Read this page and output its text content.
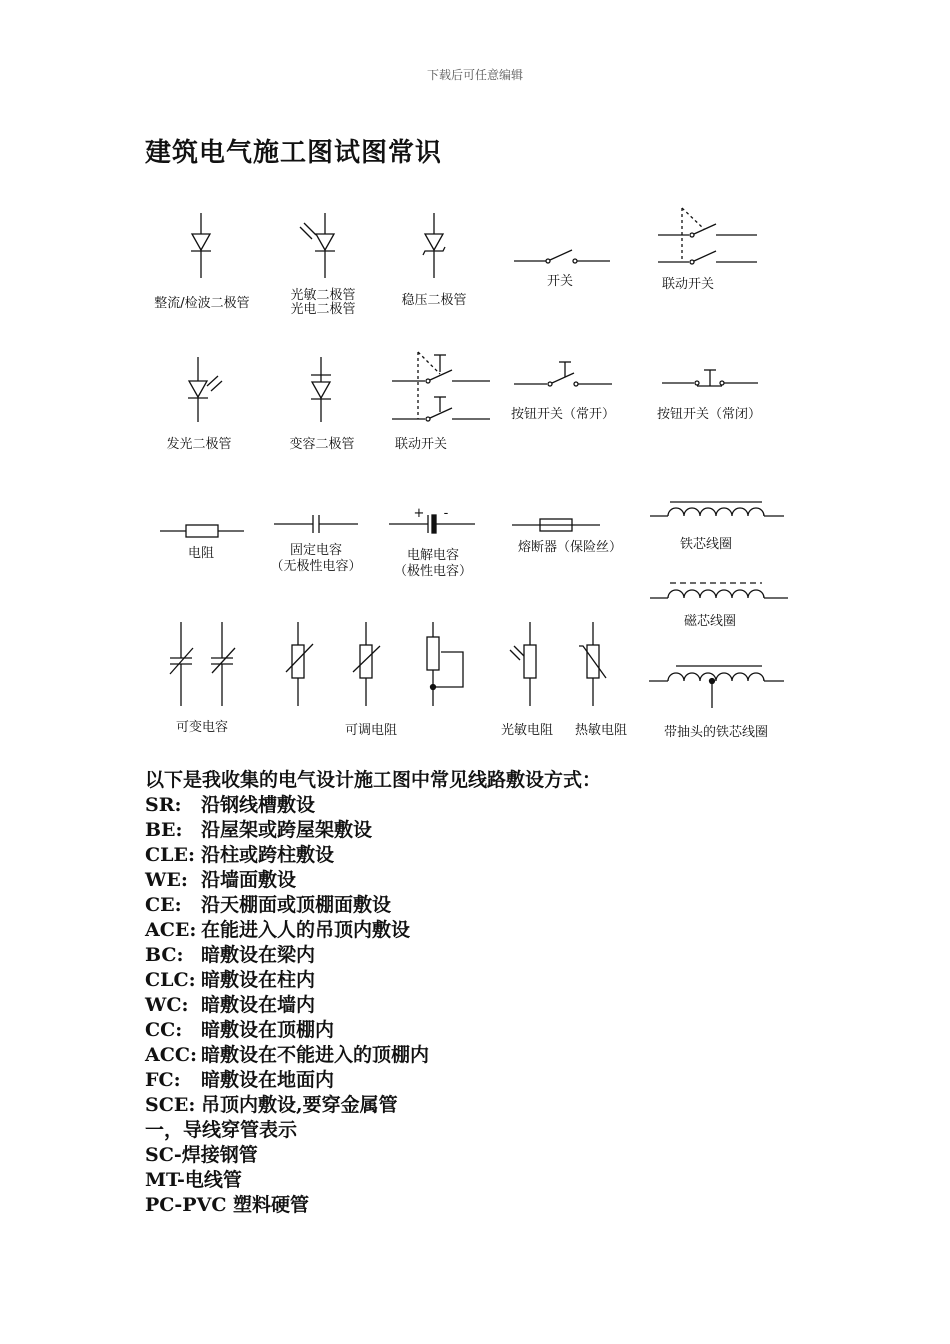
下载后可任意编辑
建筑电气施工图试图常识
整流/检波二极管
光敏二极管
光电二极管
稳压二极管
开关	联动开关
发光二极管	变容二极管	联动开关
按钮开关（常开）	按钮开关（常闭）
电阻	固定电容
（无极性电容）
+ -
电解电容
（极性电容）
熔断器（保险丝）	铁芯线圈
磁芯线圈
可变电容	可调电阻	光敏电阻 热敏电阻	带抽头的铁芯线圈
以下是我收集的电气设计施工图中常见线路敷设方式：
SR: 沿钢线槽敷设
BE: 沿屋架或跨屋架敷设
CLE: 沿柱或跨柱敷设
WE: 沿墙面敷设
CE: 沿天棚面或顶棚面敷设
ACE: 在能进入人的吊顶内敷设
BC: 暗敷设在梁内
CLC: 暗敷设在柱内
WC: 暗敷设在墙内
CC: 暗敷设在顶棚内
ACC: 暗敷设在不能进入的顶棚内
FC: 暗敷设在地面内
SCE: 吊顶内敷设,要穿金属管
一，导线穿管表示
SC-焊接钢管
MT-电线管
PC-PVC 塑料硬管
